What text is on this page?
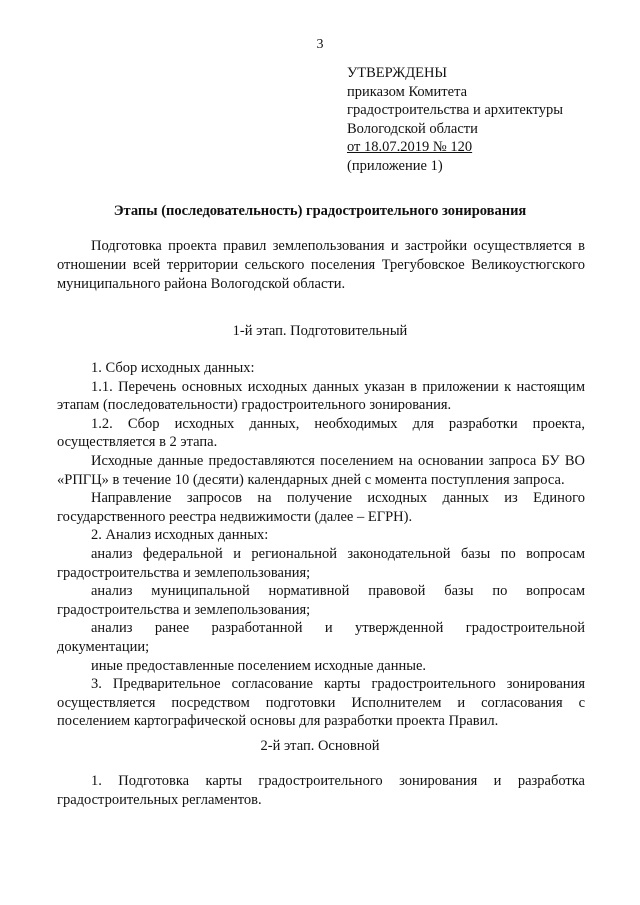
3
УТВЕРЖДЕНЫ
приказом Комитета
градостроительства и архитектуры
Вологодской области
от 18.07.2019 № 120
(приложение 1)
Этапы (последовательность) градостроительного зонирования

Подготовка проекта правил землепользования и застройки осуществляется в отношении всей территории сельского поселения Трегубовское Великоустюгского муниципального района Вологодской области.

1-й этап. Подготовительный

1. Сбор исходных данных:

1.1. Перечень основных исходных данных указан в приложении к настоящим этапам (последовательности) градостроительного зонирования.

1.2. Сбор исходных данных, необходимых для разработки проекта, осуществляется в 2 этапа.

Исходные данные предоставляются поселением на основании запроса БУ ВО «РПГЦ» в течение 10 (десяти) календарных дней с момента поступления запроса.

Направление запросов на получение исходных данных из Единого государственного реестра недвижимости (далее – ЕГРН).

2. Анализ исходных данных:

анализ федеральной и региональной законодательной базы по вопросам градостроительства и землепользования;

анализ муниципальной нормативной правовой базы по вопросам градостроительства и землепользования;

анализ ранее разработанной и утвержденной градостроительной документации;

иные предоставленные поселением исходные данные.

3. Предварительное согласование карты градостроительного зонирования осуществляется посредством подготовки Исполнителем и согласования с поселением картографической основы для разработки проекта Правил.

2-й этап. Основной

1. Подготовка карты градостроительного зонирования и разработка градостроительных регламентов.
